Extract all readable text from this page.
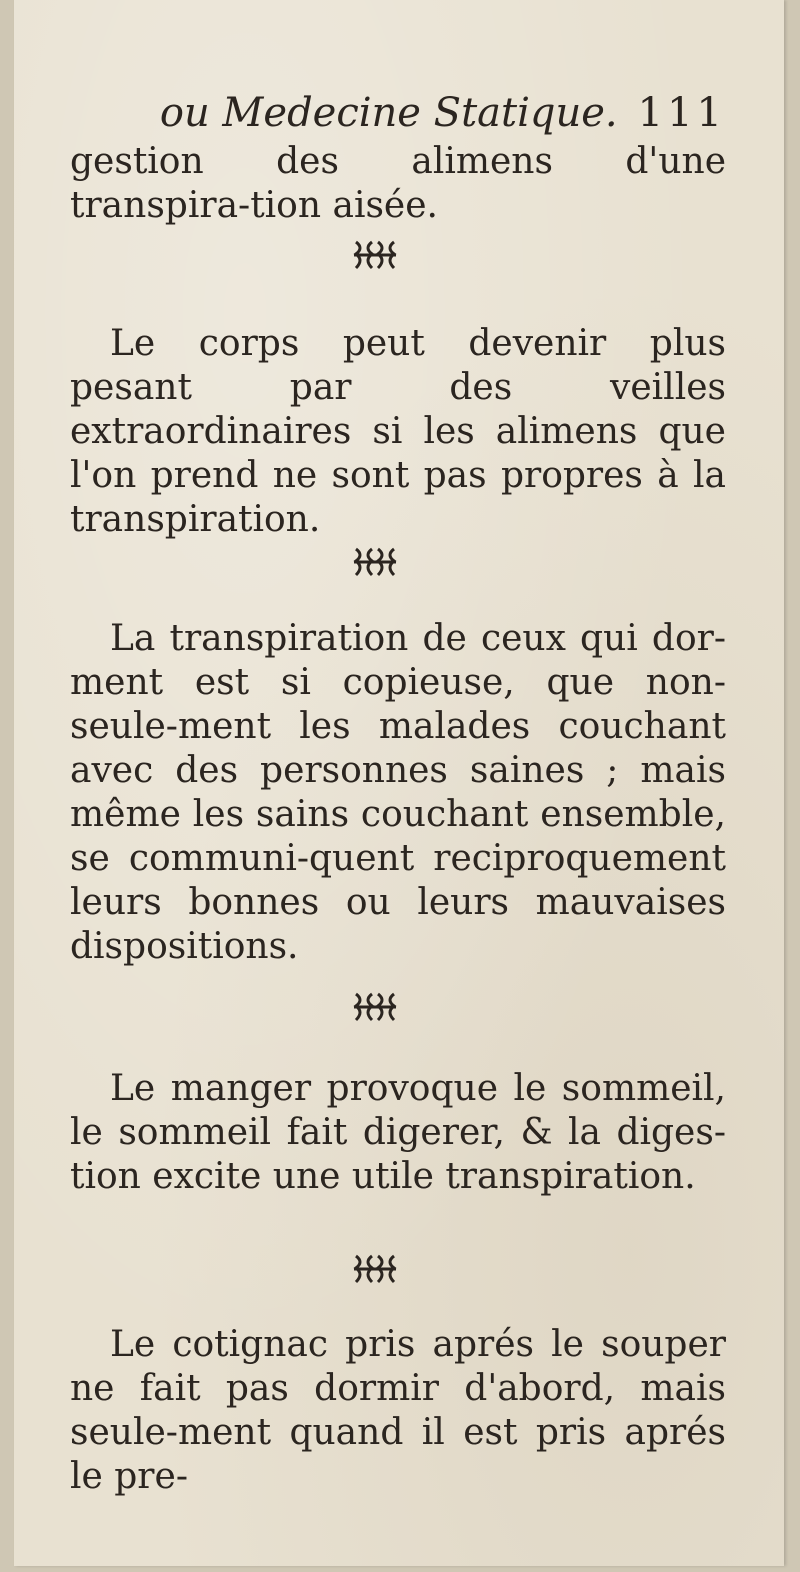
ou Medecine Statique. 111

gestion des alimens d'une transpira-tion aisée.

Le corps peut devenir plus pesant par des veilles extraordinaires si les alimens que l'on prend ne sont pas propres à la transpiration.

La transpiration de ceux qui dor-ment est si copieuse, que non-seule-ment les malades couchant avec des personnes saines ; mais même les sains couchant ensemble, se communi-quent reciproquement leurs bonnes ou leurs mauvaises dispositions.

Le manger provoque le sommeil, le sommeil fait digerer, & la diges-tion excite une utile transpiration.

Le cotignac pris aprés le souper ne fait pas dormir d'abord, mais seule-ment quand il est pris aprés le pre-
